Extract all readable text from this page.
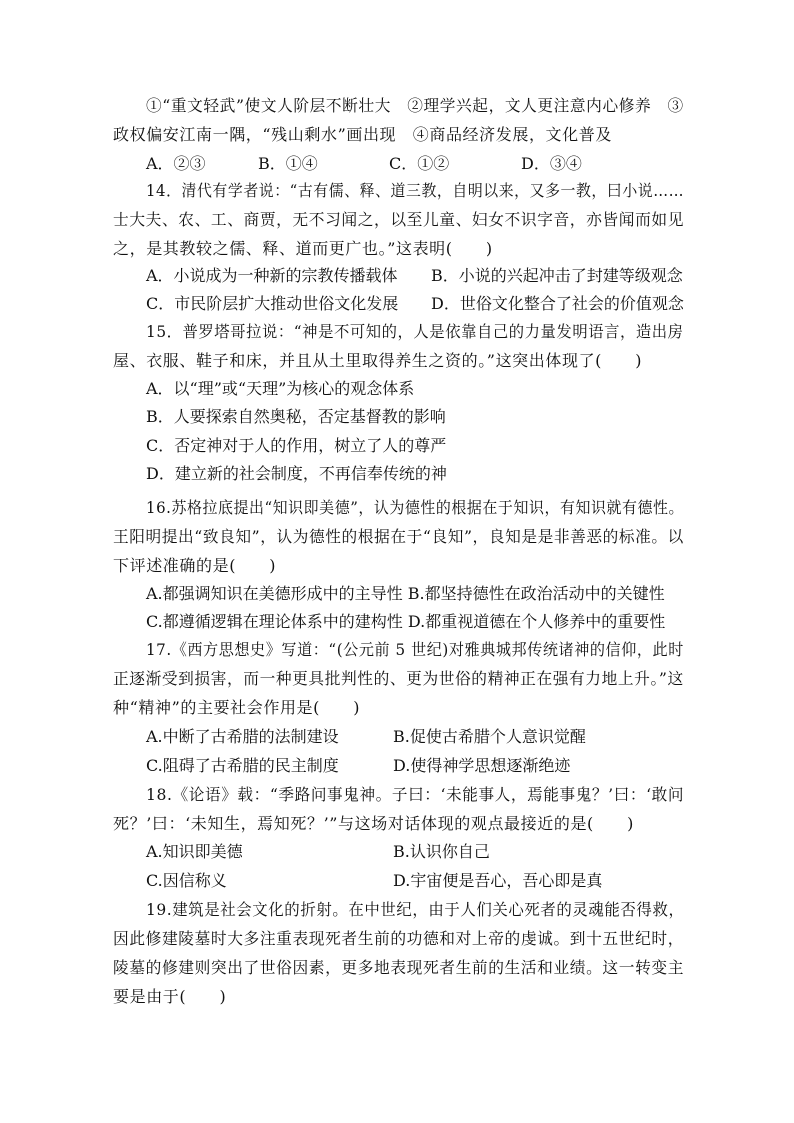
①“重文轻武”使文人阶层不断壮大　②理学兴起，文人更注意内心修养　③
政权偏安江南一隅，“残山剩水”画出现　④商品经济发展，文化普及
A．②③	B．①④	C．①②	D．③④
14．清代有学者说：“古有儒、释、道三教，自明以来，又多一教，曰小说……
士大夫、农、工、商贾，无不习闻之，以至儿童、妇女不识字音，亦皆闻而如见
之，是其教较之儒、释、道而更广也。”这表明(　　)
A．小说成为一种新的宗教传播载体 B．小说的兴起冲击了封建等级观念
C．市民阶层扩大推动世俗文化发展 D．世俗文化整合了社会的价值观念
15．普罗塔哥拉说：“神是不可知的，人是依靠自己的力量发明语言，造出房
屋、衣服、鞋子和床，并且从土里取得养生之资的。”这突出体现了(　　)
A．以“理”或“天理”为核心的观念体系
B．人要探索自然奥秘，否定基督教的影响
C．否定神对于人的作用，树立了人的尊严
D．建立新的社会制度，不再信奉传统的神
16.苏格拉底提出“知识即美德”，认为德性的根据在于知识，有知识就有德性。
王阳明提出“致良知”，认为德性的根据在于“良知”，良知是是非善恶的标准。以
下评述准确的是(　　)
A.都强调知识在美德形成中的主导性 B.都坚持德性在政治活动中的关键性
C.都遵循逻辑在理论体系中的建构性 D.都重视道德在个人修养中的重要性
17.《西方思想史》写道：“(公元前 5 世纪)对雅典城邦传统诸神的信仰，此时
正逐渐受到损害，而一种更具批判性的、更为世俗的精神正在强有力地上升。”这
种“精神”的主要社会作用是(　　)
A.中断了古希腊的法制建设	B.促使古希腊个人意识觉醒
C.阻碍了古希腊的民主制度	D.使得神学思想逐渐绝迹
18.《论语》载：“季路问事鬼神。子曰：‘未能事人，焉能事鬼？’曰：‘敢问
死？’曰：‘未知生，焉知死？’”与这场对话体现的观点最接近的是(　　)
A.知识即美德	B.认识你自己
C.因信称义	D.宇宙便是吾心，吾心即是真
19.建筑是社会文化的折射。在中世纪，由于人们关心死者的灵魂能否得救，
因此修建陵墓时大多注重表现死者生前的功德和对上帝的虔诚。到十五世纪时，
陵墓的修建则突出了世俗因素，更多地表现死者生前的生活和业绩。这一转变主
要是由于(　　)
